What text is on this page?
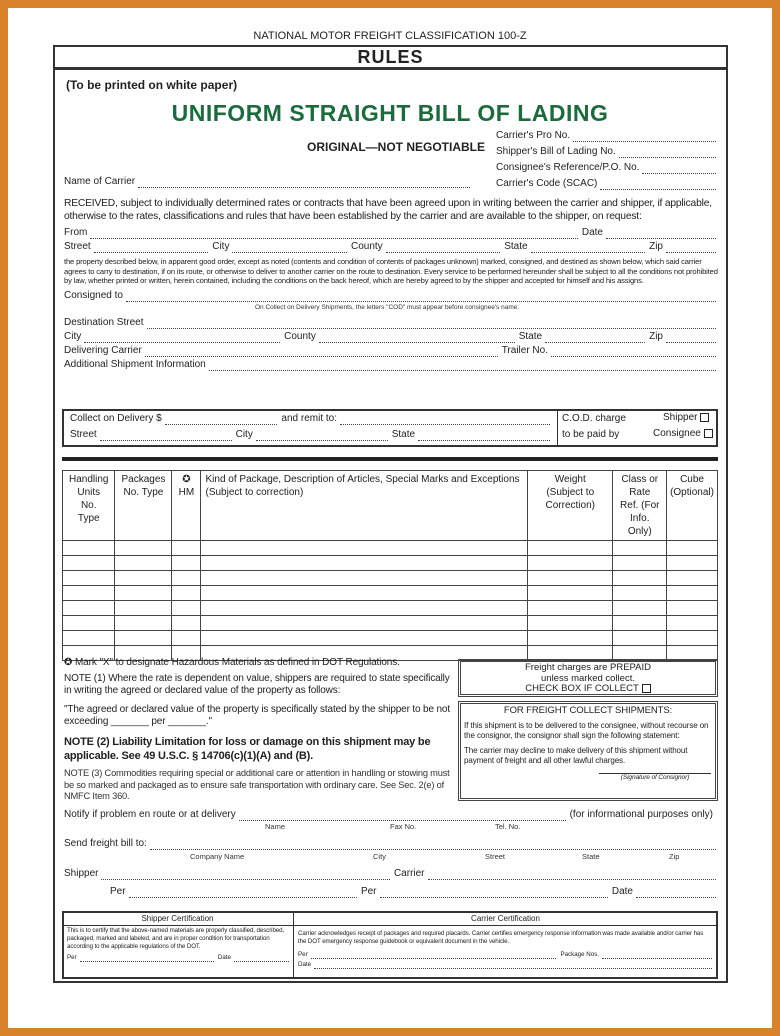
NATIONAL MOTOR FREIGHT CLASSIFICATION 100-Z
RULES
(To be printed on white paper)
UNIFORM STRAIGHT BILL OF LADING
ORIGINAL—NOT NEGOTIABLE
Carrier's Pro No.
Shipper's Bill of Lading No.
Consignee's Reference/P.O. No.
Carrier's Code (SCAC)
Name of Carrier
RECEIVED, subject to individually determined rates or contracts that have been agreed upon in writing between the carrier and shipper, if applicable, otherwise to the rates, classifications and rules that have been established by the carrier and are available to the shipper, on request:
From	Date
Street	City	County	State	Zip
the property described below, in apparent good order, except as noted (contents and condition of contents of packages unknown) marked, consigned, and destined as shown below, which said carrier agrees to carry to destination, if on its route, or otherwise to deliver to another carrier on the route to destination. Every service to be performed hereunder shall be subject to all the conditions not prohibited by law, whether printed or written, herein contained, including the conditions on the back hereof, which are hereby agreed to by the shipper and accepted for himself and his assigns.
Consigned to
On Collect on Delivery Shipments, the letters "COD" must appear before consignee's name.
Destination Street
City	County	State	Zip
Delivering Carrier	Trailer No.
Additional Shipment Information
Collect on Delivery $	and remit to:
Street	City	State
C.O.D. charge
to be paid by
Shipper
Consignee
Handling Units No. Type	Packages No. Type	✪ HM	Kind of Package, Description of Articles, Special Marks and Exceptions (Subject to correction)	Weight (Subject to Correction)	Class or Rate Ref. (For Info. Only)	Cube (Optional)

✪ Mark "X" to designate Hazardous Materials as defined in DOT Regulations.
NOTE (1) Where the rate is dependent on value, shippers are required to state specifically in writing the agreed or declared value of the property as follows:
"The agreed or declared value of the property is specifically stated by the shipper to be not exceeding _______ per _______."
NOTE (2) Liability Limitation for loss or damage on this shipment may be applicable. See 49 U.S.C. § 14706(c)(1)(A) and (B).
NOTE (3) Commodities requiring special or additional care or attention in handling or stowing must be so marked and packaged as to ensure safe transportation with ordinary care. See Sec. 2(e) of NMFC Item 360.
Freight charges are PREPAID
unless marked collect.
CHECK BOX IF COLLECT
FOR FREIGHT COLLECT SHIPMENTS:
If this shipment is to be delivered to the consignee, without recourse on the consignor, the consignor shall sign the following statement:
The carrier may decline to make delivery of this shipment without payment of freight and all other lawful charges.
(Signature of Consignor)
Notify if problem en route or at delivery	(for informational purposes only)
Name	Fax No.	Tel. No.
Send freight bill to:
Company Name	City	Street	State	Zip
Shipper	Carrier
Per	Per	Date
Shipper Certification	Carrier Certification
This is to certify that the above-named materials are properly classified, described, packaged, marked and labeled, and are in proper condition for transportation according to the applicable regulations of the DOT.
Per	Date
Carrier acknowledges receipt of packages and required placards. Carrier certifies emergency response information was made available and/or carrier has the DOT emergency response guidebook or equivalent document in the vehicle.
Per	Package Nos.
Date
